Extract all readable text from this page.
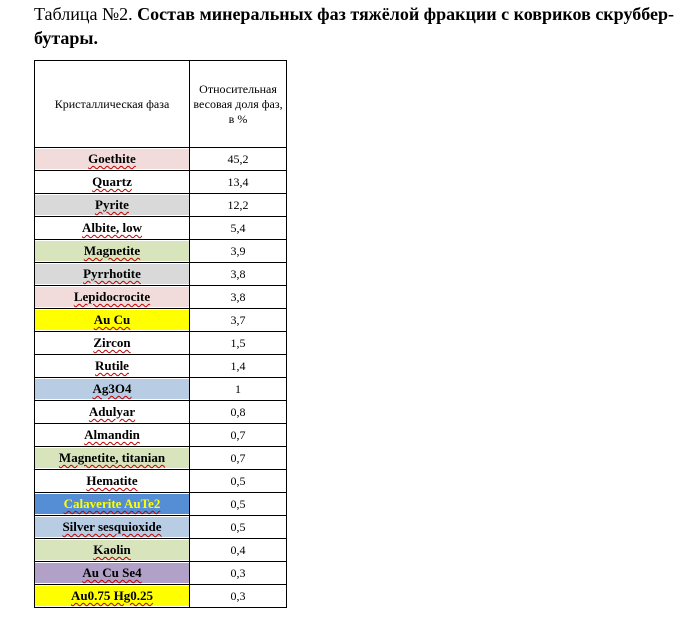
Таблица №2. Состав минеральных фаз тяжёлой фракции с ковриков скруббер-бутары.

Кристаллическая фаза	Относительная весовая доля фаз, в %

Goethite	45,2

Quartz	13,4

Pyrite	12,2

Albite, low	5,4

Magnetite	3,9

Pyrrhotite	3,8

Lepidocrocite	3,8

Au Cu	3,7

Zircon	1,5

Rutile	1,4

Ag3O4	1

Adulyar	0,8

Almandin	0,7

Magnetite, titanian	0,7

Hematite	0,5

Calaverite AuTe2	0,5

Silver sesquioxide	0,5

Kaolin	0,4

Au Cu Se4	0,3

Au0.75 Hg0.25	0,3
